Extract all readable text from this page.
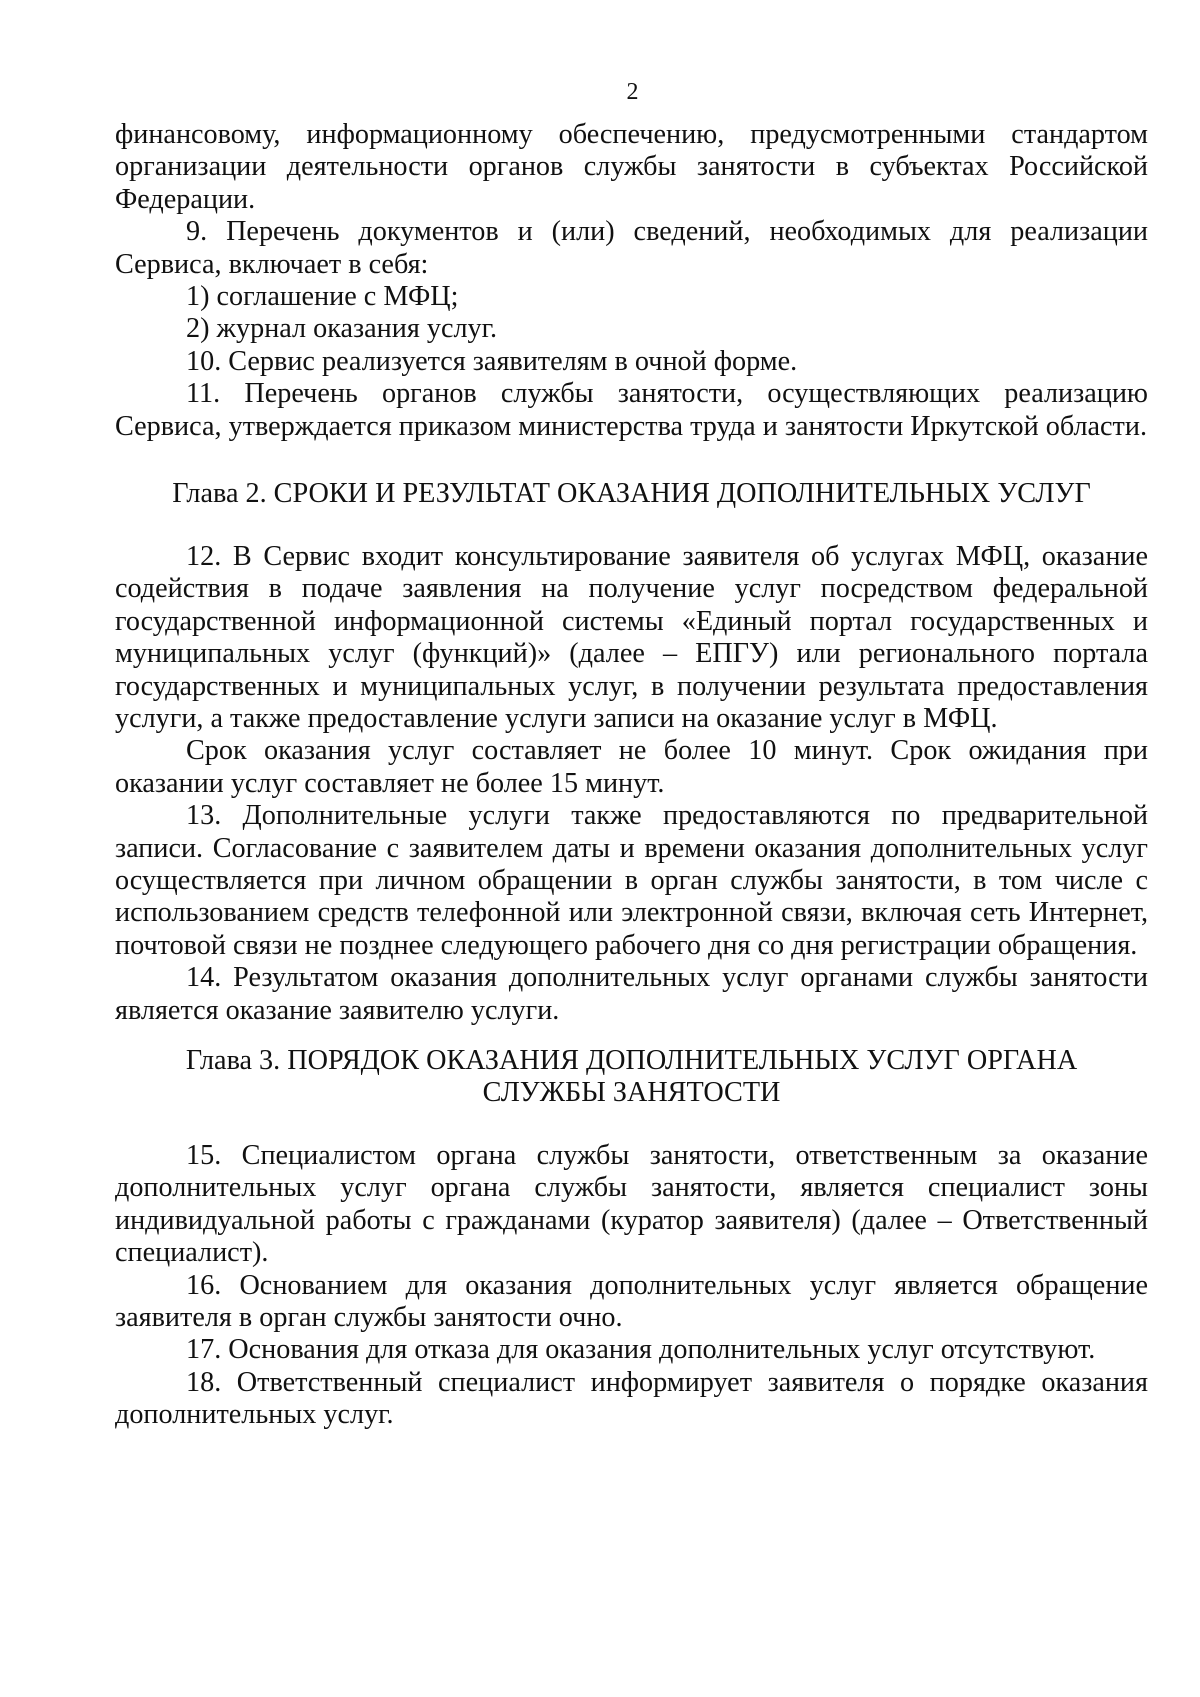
2

финансовому, информационному обеспечению, предусмотренными стандартом организации деятельности органов службы занятости в субъектах Российской Федерации.

9. Перечень документов и (или) сведений, необходимых для реализации Сервиса, включает в себя:

1) соглашение с МФЦ;

2) журнал оказания услуг.

10. Сервис реализуется заявителям в очной форме.

11. Перечень органов службы занятости, осуществляющих реализацию Сервиса, утверждается приказом министерства труда и занятости Иркутской области.

Глава 2. СРОКИ И РЕЗУЛЬТАТ ОКАЗАНИЯ ДОПОЛНИТЕЛЬНЫХ УСЛУГ

12. В Сервис входит консультирование заявителя об услугах МФЦ, оказание содействия в подаче заявления на получение услуг посредством федеральной государственной информационной системы «Единый портал государственных и муниципальных услуг (функций)» (далее – ЕПГУ) или регионального портала государственных и муниципальных услуг, в получении результата предоставления услуги, а также предоставление услуги записи на оказание услуг в МФЦ.

Срок оказания услуг составляет не более 10 минут. Срок ожидания при оказании услуг составляет не более 15 минут.

13. Дополнительные услуги также предоставляются по предварительной записи. Согласование с заявителем даты и времени оказания дополнительных услуг осуществляется при личном обращении в орган службы занятости, в том числе с использованием средств телефонной или электронной связи, включая сеть Интернет, почтовой связи не позднее следующего рабочего дня со дня регистрации обращения.

14. Результатом оказания дополнительных услуг органами службы занятости является оказание заявителю услуги.

Глава 3. ПОРЯДОК ОКАЗАНИЯ ДОПОЛНИТЕЛЬНЫХ УСЛУГ ОРГАНА
СЛУЖБЫ ЗАНЯТОСТИ

15. Специалистом органа службы занятости, ответственным за оказание дополнительных услуг органа службы занятости, является специалист зоны индивидуальной работы с гражданами (куратор заявителя) (далее – Ответственный специалист).

16. Основанием для оказания дополнительных услуг является обращение заявителя в орган службы занятости очно.

17. Основания для отказа для оказания дополнительных услуг отсутствуют.

18. Ответственный специалист информирует заявителя о порядке оказания дополнительных услуг.
